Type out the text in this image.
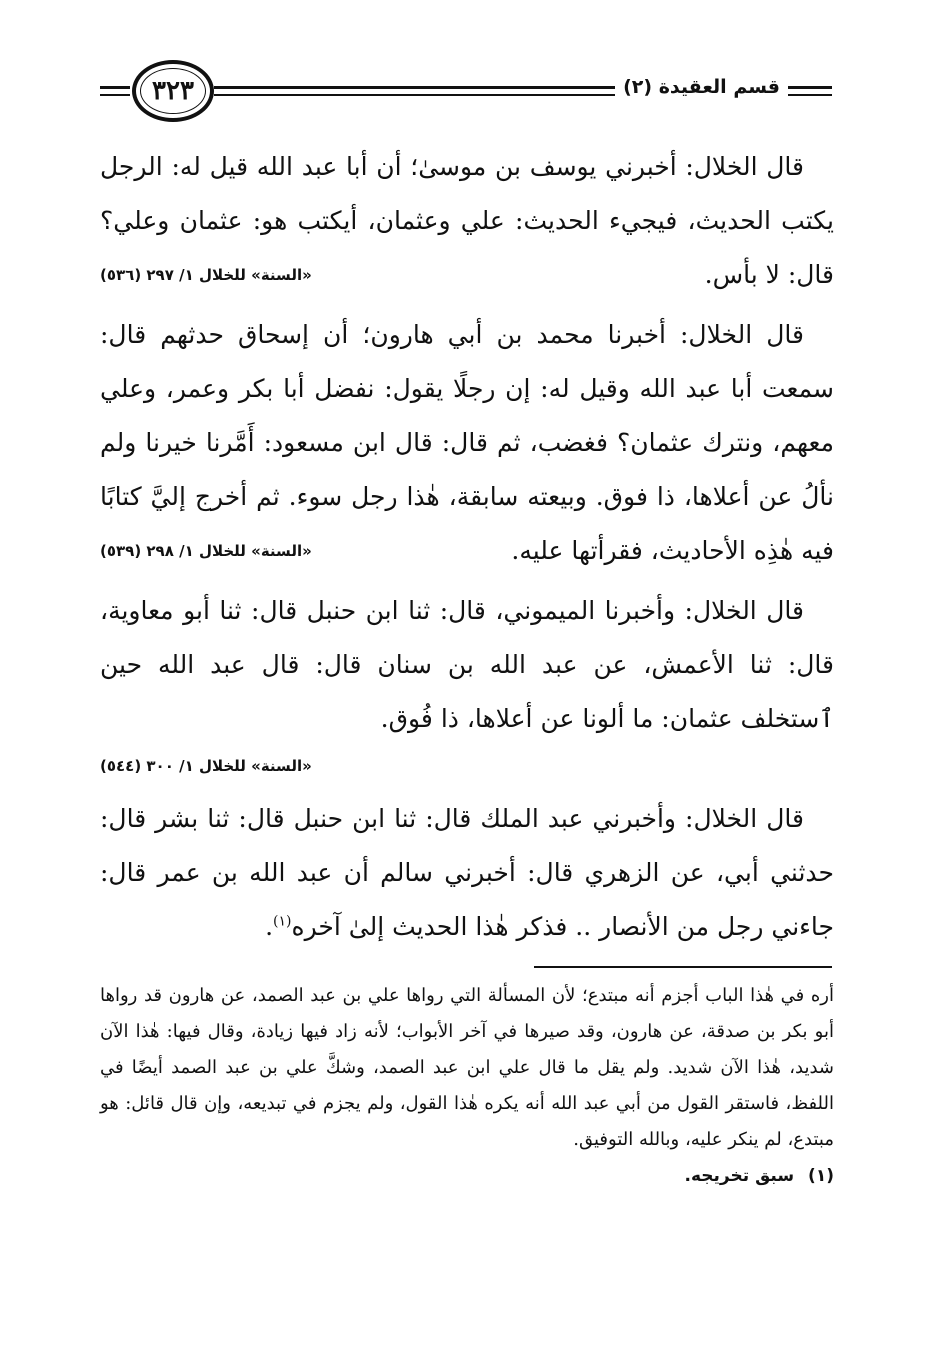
٣٢٣	قسم العقيدة (٢)

قال الخلال: أخبرني يوسف بن موسىٰ؛ أن أبا عبد الله قيل له: الرجل يكتب الحديث، فيجيء الحديث: علي وعثمان، أيكتب هو: عثمان وعلي؟ قال: لا بأس.
«السنة» للخلال ١/ ٢٩٧ (٥٣٦)

قال الخلال: أخبرنا محمد بن أبي هارون؛ أن إسحاق حدثهم قال: سمعت أبا عبد الله وقيل له: إن رجلًا يقول: نفضل أبا بكر وعمر، وعلي معهم، ونترك عثمان؟ فغضب، ثم قال: قال ابن مسعود: أَمَّرنا خيرنا ولم نألُ عن أعلاها، ذا فوق. وبيعته سابقة، هٰذا رجل سوء. ثم أخرج إليَّ كتابًا فيه هٰذِه الأحاديث، فقرأتها عليه.
«السنة» للخلال ١/ ٢٩٨ (٥٣٩)

قال الخلال: وأخبرنا الميموني، قال: ثنا ابن حنبل قال: ثنا أبو معاوية، قال: ثنا الأعمش، عن عبد الله بن سنان قال: قال عبد الله حين ٱستخلف عثمان: ما ألونا عن أعلاها، ذا فُوق.

«السنة» للخلال ١/ ٣٠٠ (٥٤٤)

قال الخلال: وأخبرني عبد الملك قال: ثنا ابن حنبل قال: ثنا بشر قال: حدثني أبي، عن الزهري قال: أخبرني سالم أن عبد الله بن عمر قال: جاءني رجل من الأنصار .. فذكر هٰذا الحديث إلىٰ آخره$^{(١)}$.

أره في هٰذا الباب أجزم أنه مبتدع؛ لأن المسألة التي رواها علي بن عبد الصمد، عن هارون قد رواها أبو بكر بن صدقة، عن هارون، وقد صيرها في آخر الأبواب؛ لأنه زاد فيها زيادة، وقال فيها: هٰذا الآن شديد، هٰذا الآن شديد. ولم يقل ما قال علي ابن عبد الصمد، وشكَّ علي بن عبد الصمد أيضًا في اللفظ، فاستقر القول من أبي عبد الله أنه يكره هٰذا القول، ولم يجزم في تبديعه، وإن قال قائل: هو مبتدع، لم ينكر عليه، وبالله التوفيق.

(١)سبق تخريجه.
